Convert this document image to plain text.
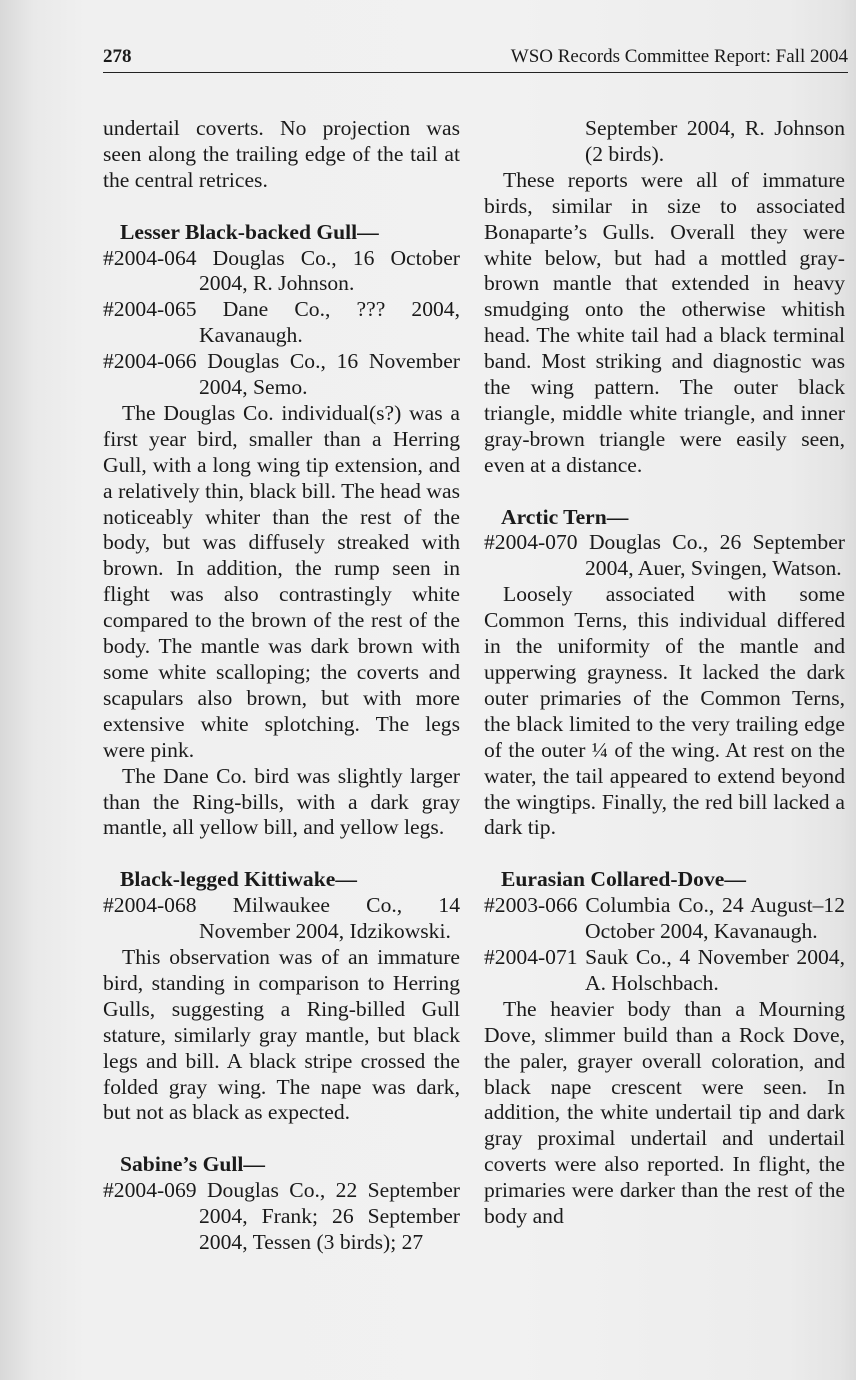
278	WSO Records Committee Report: Fall 2004

undertail coverts. No projection was seen along the trailing edge of the tail at the central retrices.

Lesser Black-backed Gull—
#2004-064 Douglas Co., 16 October 2004, R. Johnson.
#2004-065 Dane Co., ??? 2004, Kavanaugh.
#2004-066 Douglas Co., 16 November 2004, Semo.

The Douglas Co. individual(s?) was a first year bird, smaller than a Herring Gull, with a long wing tip extension, and a relatively thin, black bill. The head was noticeably whiter than the rest of the body, but was diffusely streaked with brown. In addition, the rump seen in flight was also contrastingly white compared to the brown of the rest of the body. The mantle was dark brown with some white scalloping; the coverts and scapulars also brown, but with more extensive white splotching. The legs were pink.

The Dane Co. bird was slightly larger than the Ring-bills, with a dark gray mantle, all yellow bill, and yellow legs.

Black-legged Kittiwake—
#2004-068 Milwaukee Co., 14 November 2004, Idzikowski.

This observation was of an immature bird, standing in comparison to Herring Gulls, suggesting a Ring-billed Gull stature, similarly gray mantle, but black legs and bill. A black stripe crossed the folded gray wing. The nape was dark, but not as black as expected.

Sabine’s Gull—
#2004-069 Douglas Co., 22 September 2004, Frank; 26 September 2004, Tessen (3 birds); 27
September 2004, R. Johnson (2 birds).

These reports were all of immature birds, similar in size to associated Bonaparte’s Gulls. Overall they were white below, but had a mottled gray-brown mantle that extended in heavy smudging onto the otherwise whitish head. The white tail had a black terminal band. Most striking and diagnostic was the wing pattern. The outer black triangle, middle white triangle, and inner gray-brown triangle were easily seen, even at a distance.

Arctic Tern—
#2004-070 Douglas Co., 26 September 2004, Auer, Svingen, Watson.

Loosely associated with some Common Terns, this individual differed in the uniformity of the mantle and upperwing grayness. It lacked the dark outer primaries of the Common Terns, the black limited to the very trailing edge of the outer ¼ of the wing. At rest on the water, the tail appeared to extend beyond the wingtips. Finally, the red bill lacked a dark tip.

Eurasian Collared-Dove—
#2003-066 Columbia Co., 24 August–12 October 2004, Kavanaugh.
#2004-071 Sauk Co., 4 November 2004, A. Holschbach.

The heavier body than a Mourning Dove, slimmer build than a Rock Dove, the paler, grayer overall coloration, and black nape crescent were seen. In addition, the white undertail tip and dark gray proximal undertail and undertail coverts were also reported. In flight, the primaries were darker than the rest of the body and
